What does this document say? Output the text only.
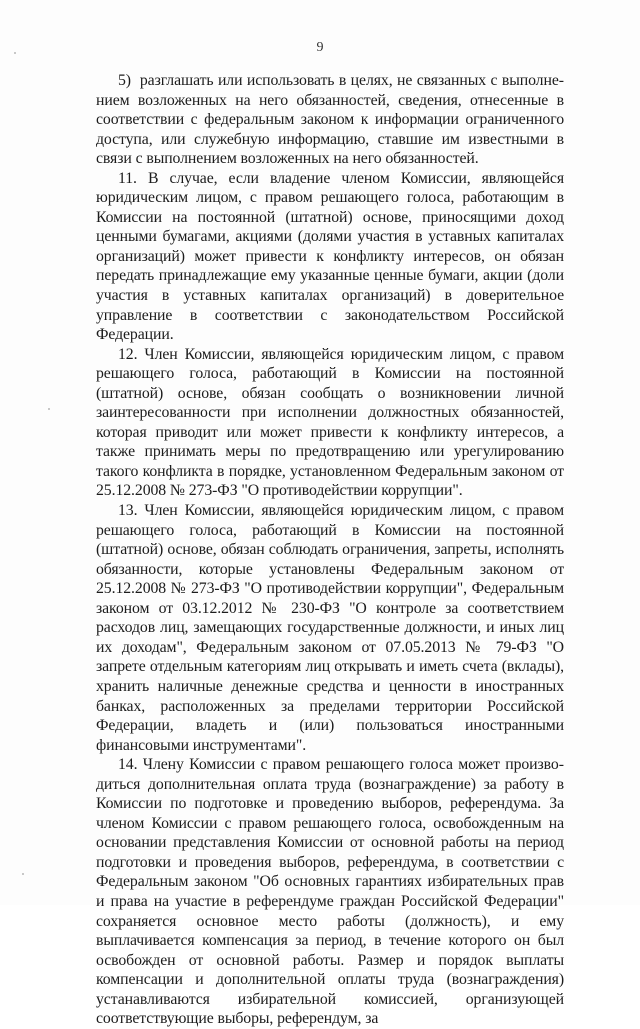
9

5)  разглашать или использовать в целях, не связанных с выполнением возложенных на него обязанностей, сведения, отнесенные в соответствии с федеральным законом к информации ограниченного доступа, или служебную информацию, ставшие им известными в связи с выполнением возложенных на него обязанностей.

11. В случае, если владение членом Комиссии, являющейся юридическим лицом, с правом решающего голоса, работающим в Комиссии на постоянной (штатной) основе, приносящими доход ценными бумагами, акциями (долями участия в уставных капиталах организаций) может привести к конфликту интересов, он обязан передать принадлежащие ему указанные ценные бумаги, акции (доли участия в уставных капиталах организаций) в доверительное управление в соответствии с законодательством Российской Федерации.

12. Член Комиссии, являющейся юридическим лицом, с правом решающего голоса, работающий в Комиссии на постоянной (штатной) основе, обязан сообщать о возникновении личной заинтересованности при исполнении должностных обязанностей, которая приводит или может привести к конфликту интересов, а также принимать меры по предотвращению или урегулированию такого конфликта в порядке, установленном Федеральным законом от 25.12.2008 № 273-ФЗ "О противодействии коррупции".

13. Член Комиссии, являющейся юридическим лицом, с правом решающего голоса, работающий в Комиссии на постоянной (штатной) основе, обязан соблюдать ограничения, запреты, исполнять обязанности, которые установлены Федеральным законом от 25.12.2008 № 273-ФЗ "О противодействии коррупции", Федеральным законом от 03.12.2012 № 230-ФЗ "О контроле за соответствием расходов лиц, замещающих государственные должности, и иных лиц их доходам", Федеральным законом от 07.05.2013 № 79-ФЗ "О запрете отдельным категориям лиц открывать и иметь счета (вклады), хранить наличные денежные средства и ценности в иностранных банках, расположенных за пределами территории Российской Федерации, владеть и (или) пользоваться иностранными финансовыми инструментами".

14. Члену Комиссии с правом решающего голоса может производиться дополнительная оплата труда (вознаграждение) за работу в Комиссии по подготовке и проведению выборов, референдума. За членом Комиссии с правом решающего голоса, освобожденным на основании представления Комиссии от основной работы на период подготовки и проведения выборов, референдума, в соответствии с Федеральным законом "Об основных гарантиях избирательных прав и права на участие в референдуме граждан Российской Федерации" сохраняется основное место работы (должность), и ему выплачивается компенсация за период, в течение которого он был освобожден от основной работы. Размер и порядок выплаты компенсации и дополнительной оплаты труда (вознаграждения) устанавливаются избирательной комиссией, организующей соответствующие выборы, референдум, за
